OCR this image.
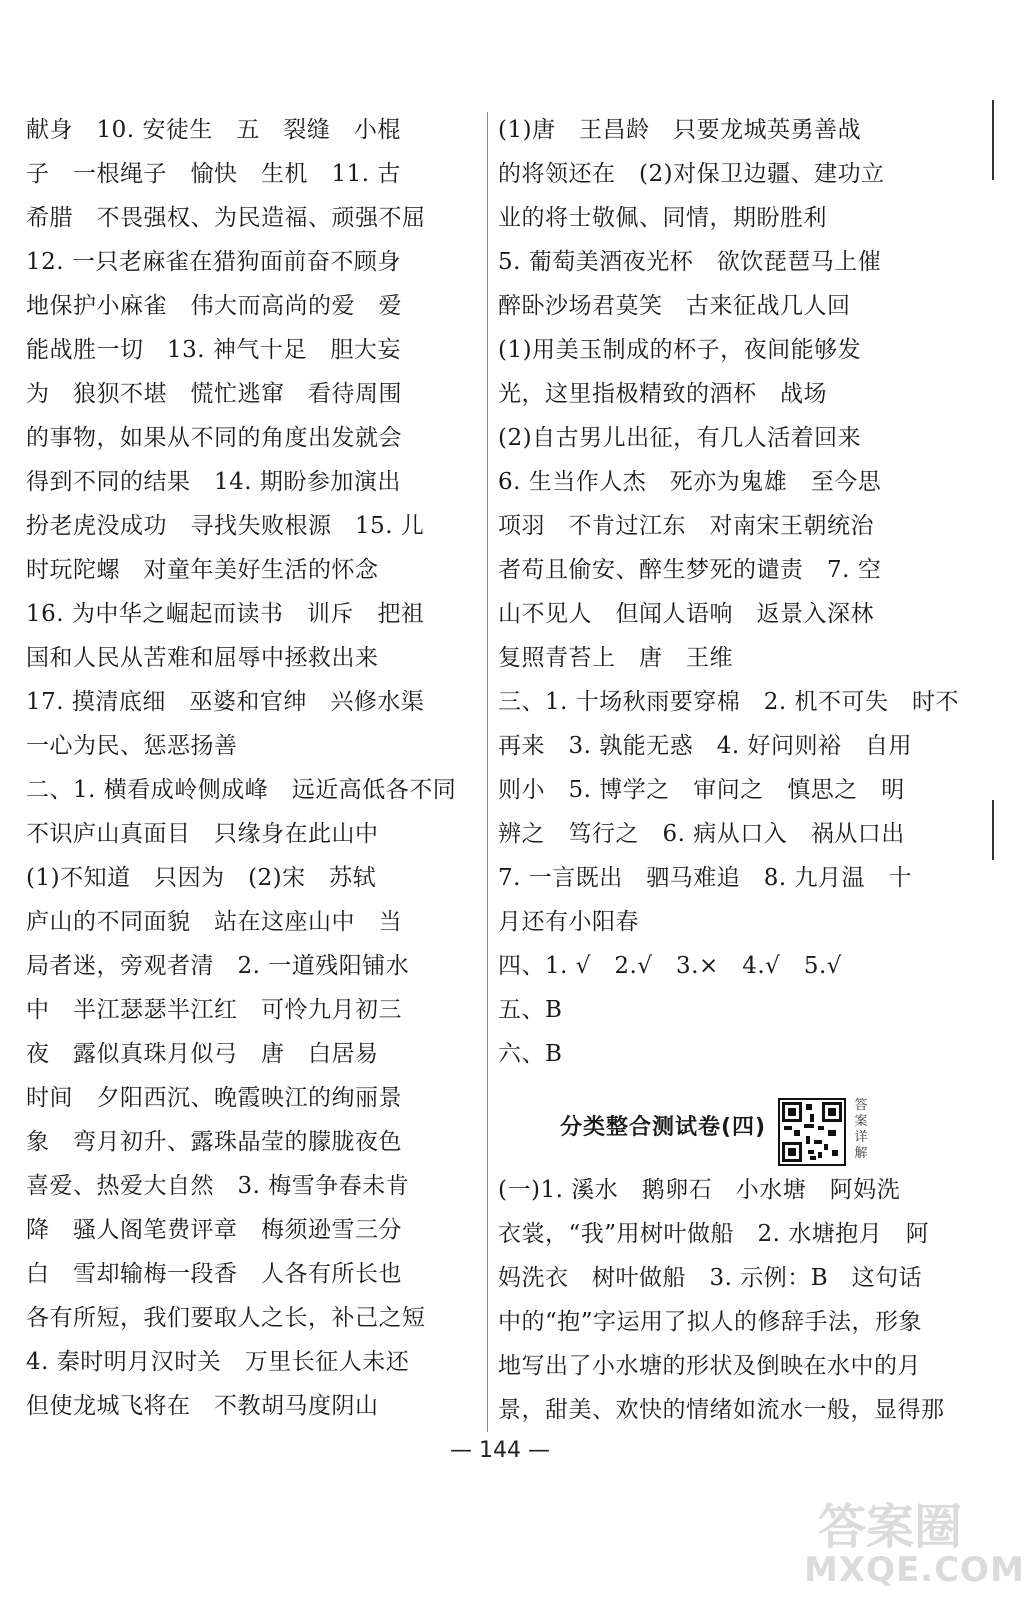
献身　10. 安徒生　五　裂缝　小棍
子　一根绳子　愉快　生机　11. 古
希腊　不畏强权、为民造福、顽强不屈
12. 一只老麻雀在猎狗面前奋不顾身
地保护小麻雀　伟大而高尚的爱　爱
能战胜一切　13. 神气十足　胆大妄
为　狼狈不堪　慌忙逃窜　看待周围
的事物，如果从不同的角度出发就会
得到不同的结果　14. 期盼参加演出
扮老虎没成功　寻找失败根源　15. 儿
时玩陀螺　对童年美好生活的怀念
16. 为中华之崛起而读书　训斥　把祖
国和人民从苦难和屈辱中拯救出来
17. 摸清底细　巫婆和官绅　兴修水渠
一心为民、惩恶扬善
二、1. 横看成岭侧成峰　远近高低各不同
不识庐山真面目　只缘身在此山中
(1)不知道　只因为　(2)宋　苏轼
庐山的不同面貌　站在这座山中　当
局者迷，旁观者清　2. 一道残阳铺水
中　半江瑟瑟半江红　可怜九月初三
夜　露似真珠月似弓　唐　白居易
时间　夕阳西沉、晚霞映江的绚丽景
象　弯月初升、露珠晶莹的朦胧夜色
喜爱、热爱大自然　3. 梅雪争春未肯
降　骚人阁笔费评章　梅须逊雪三分
白　雪却输梅一段香　人各有所长也
各有所短，我们要取人之长，补己之短
4. 秦时明月汉时关　万里长征人未还
但使龙城飞将在　不教胡马度阴山
(1)唐　王昌龄　只要龙城英勇善战
的将领还在　(2)对保卫边疆、建功立
业的将士敬佩、同情，期盼胜利
5. 葡萄美酒夜光杯　欲饮琵琶马上催
醉卧沙场君莫笑　古来征战几人回
(1)用美玉制成的杯子，夜间能够发
光，这里指极精致的酒杯　战场
(2)自古男儿出征，有几人活着回来
6. 生当作人杰　死亦为鬼雄　至今思
项羽　不肯过江东　对南宋王朝统治
者苟且偷安、醉生梦死的谴责　7. 空
山不见人　但闻人语响　返景入深林
复照青苔上　唐　王维
三、1. 十场秋雨要穿棉　2. 机不可失　时不
再来　3. 孰能无惑　4. 好问则裕　自用
则小　5. 博学之　审问之　慎思之　明
辨之　笃行之　6. 病从口入　祸从口出
7. 一言既出　驷马难追　8. 九月温　十
月还有小阳春
四、1. √　2.√　3.×　4.√　5.√
五、B
六、B
分类整合测试卷(四)
答
案
详
解
(一)1. 溪水　鹅卵石　小水塘　阿妈洗
衣裳，“我”用树叶做船　2. 水塘抱月　阿
妈洗衣　树叶做船　3. 示例：B　这句话
中的“抱”字运用了拟人的修辞手法，形象
地写出了小水塘的形状及倒映在水中的月
景，甜美、欢快的情绪如流水一般，显得那
— 144 —
答案圈
MXQE.COM
